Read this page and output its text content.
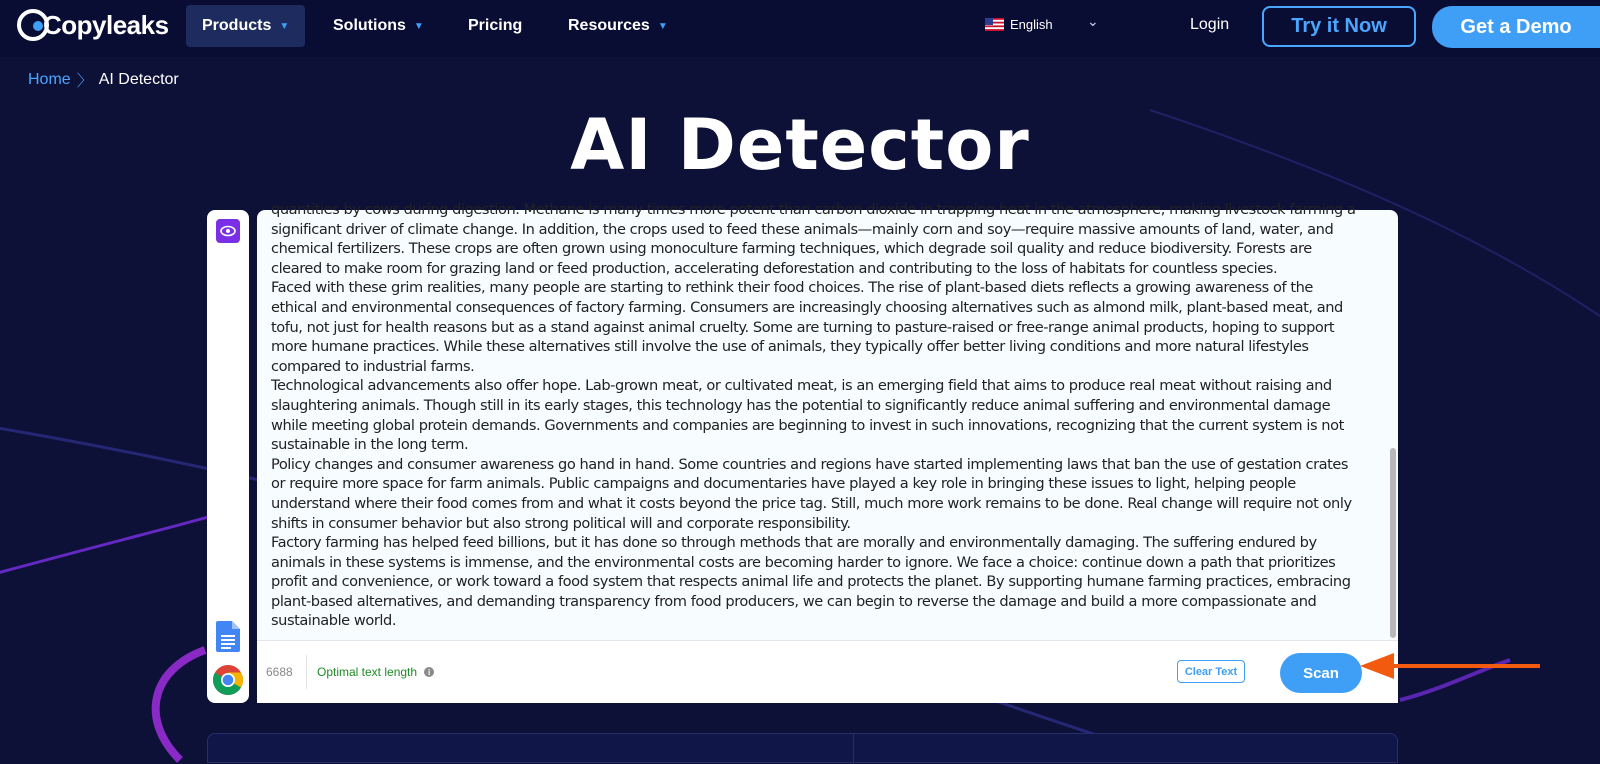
Copyleaks Products ▼	Solutions ▼	Pricing	Resources ▼	English ⌄	Login	Try it Now	Get a Demo
Home 〉 AI Detector
AI Detector

quantities by cows during digestion. Methane is many times more potent than carbon dioxide in trapping heat in the atmosphere, making livestock farming a significant driver of climate change. In addition, the crops used to feed these animals—mainly corn and soy—require massive amounts of land, water, and chemical fertilizers. These crops are often grown using monoculture farming techniques, which degrade soil quality and reduce biodiversity. Forests are cleared to make room for grazing land or feed production, accelerating deforestation and contributing to the loss of habitats for countless species.

Faced with these grim realities, many people are starting to rethink their food choices. The rise of plant-based diets reflects a growing awareness of the ethical and environmental consequences of factory farming. Consumers are increasingly choosing alternatives such as almond milk, plant-based meat, and tofu, not just for health reasons but as a stand against animal cruelty. Some are turning to pasture-raised or free-range animal products, hoping to support more humane practices. While these alternatives still involve the use of animals, they typically offer better living conditions and more natural lifestyles compared to industrial farms.

Technological advancements also offer hope. Lab-grown meat, or cultivated meat, is an emerging field that aims to produce real meat without raising and slaughtering animals. Though still in its early stages, this technology has the potential to significantly reduce animal suffering and environmental damage while meeting global protein demands. Governments and companies are beginning to invest in such innovations, recognizing that the current system is not sustainable in the long term.

Policy changes and consumer awareness go hand in hand. Some countries and regions have started implementing laws that ban the use of gestation crates or require more space for farm animals. Public campaigns and documentaries have played a key role in bringing these issues to light, helping people understand where their food comes from and what it costs beyond the price tag. Still, much more work remains to be done. Real change will require not only shifts in consumer behavior but also strong political will and corporate responsibility.

Factory farming has helped feed billions, but it has done so through methods that are morally and environmentally damaging. The suffering endured by animals in these systems is immense, and the environmental costs are becoming harder to ignore. We face a choice: continue down a path that prioritizes profit and convenience, or work toward a food system that respects animal life and protects the planet. By supporting humane farming practices, embracing plant-based alternatives, and demanding transparency from food producers, we can begin to reverse the damage and build a more compassionate and sustainable world.

6688 Optimal text length	i	Clear Text	Scan
